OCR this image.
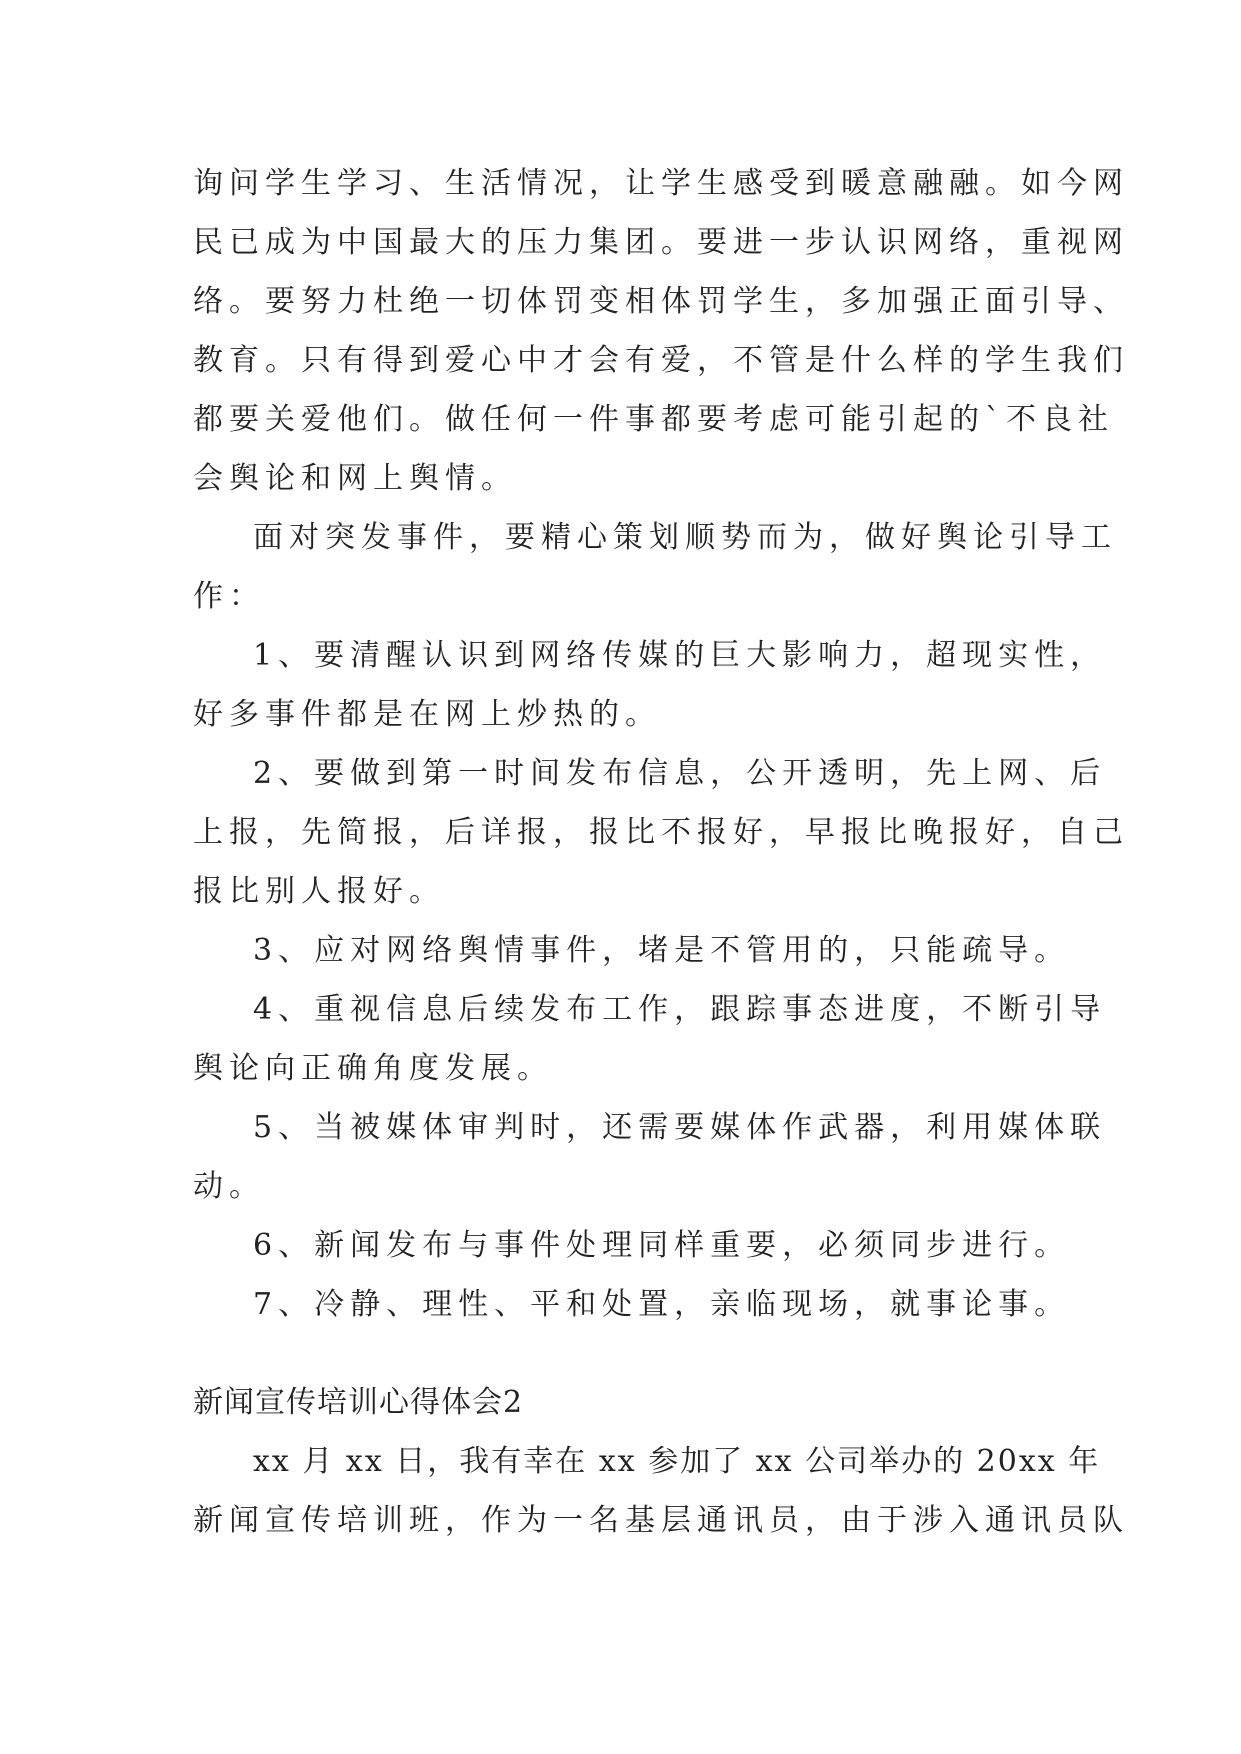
询问学生学习、生活情况，让学生感受到暖意融融。如今网
民已成为中国最大的压力集团。要进一步认识网络，重视网
络。要努力杜绝一切体罚变相体罚学生，多加强正面引导、
教育。只有得到爱心中才会有爱，不管是什么样的学生我们
都要关爱他们。做任何一件事都要考虑可能引起的`不良社
会舆论和网上舆情。
面对突发事件，要精心策划顺势而为，做好舆论引导工
作：
1、要清醒认识到网络传媒的巨大影响力，超现实性，
好多事件都是在网上炒热的。
2、要做到第一时间发布信息，公开透明，先上网、后
上报，先简报，后详报，报比不报好，早报比晚报好，自己
报比别人报好。
3、应对网络舆情事件，堵是不管用的，只能疏导。
4、重视信息后续发布工作，跟踪事态进度，不断引导
舆论向正确角度发展。
5、当被媒体审判时，还需要媒体作武器，利用媒体联
动。
6、新闻发布与事件处理同样重要，必须同步进行。
7、冷静、理性、平和处置，亲临现场，就事论事。
新闻宣传培训心得体会2
xx 月 xx 日，我有幸在 xx 参加了 xx 公司举办的 20xx 年
新闻宣传培训班，作为一名基层通讯员，由于涉入通讯员队
